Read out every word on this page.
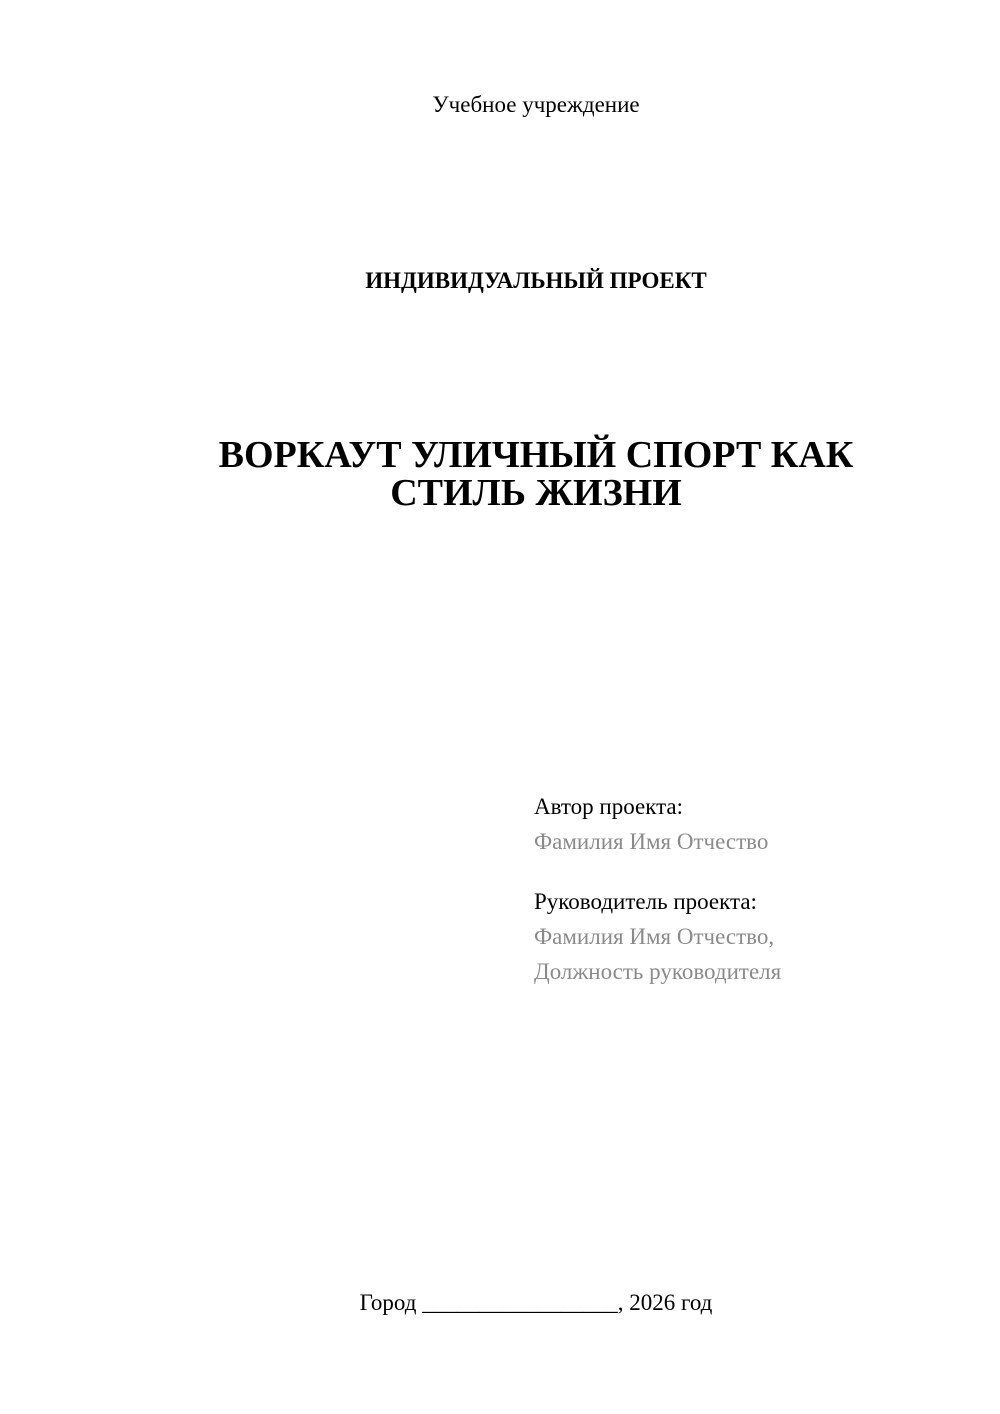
Учебное учреждение
ИНДИВИДУАЛЬНЫЙ ПРОЕКТ
ВОРКАУТ УЛИЧНЫЙ СПОРТ КАК
СТИЛЬ ЖИЗНИ
Автор проекта:
Фамилия Имя Отчество
Руководитель проекта:
Фамилия Имя Отчество,
Должность руководителя
Город _________________, 2026 год
